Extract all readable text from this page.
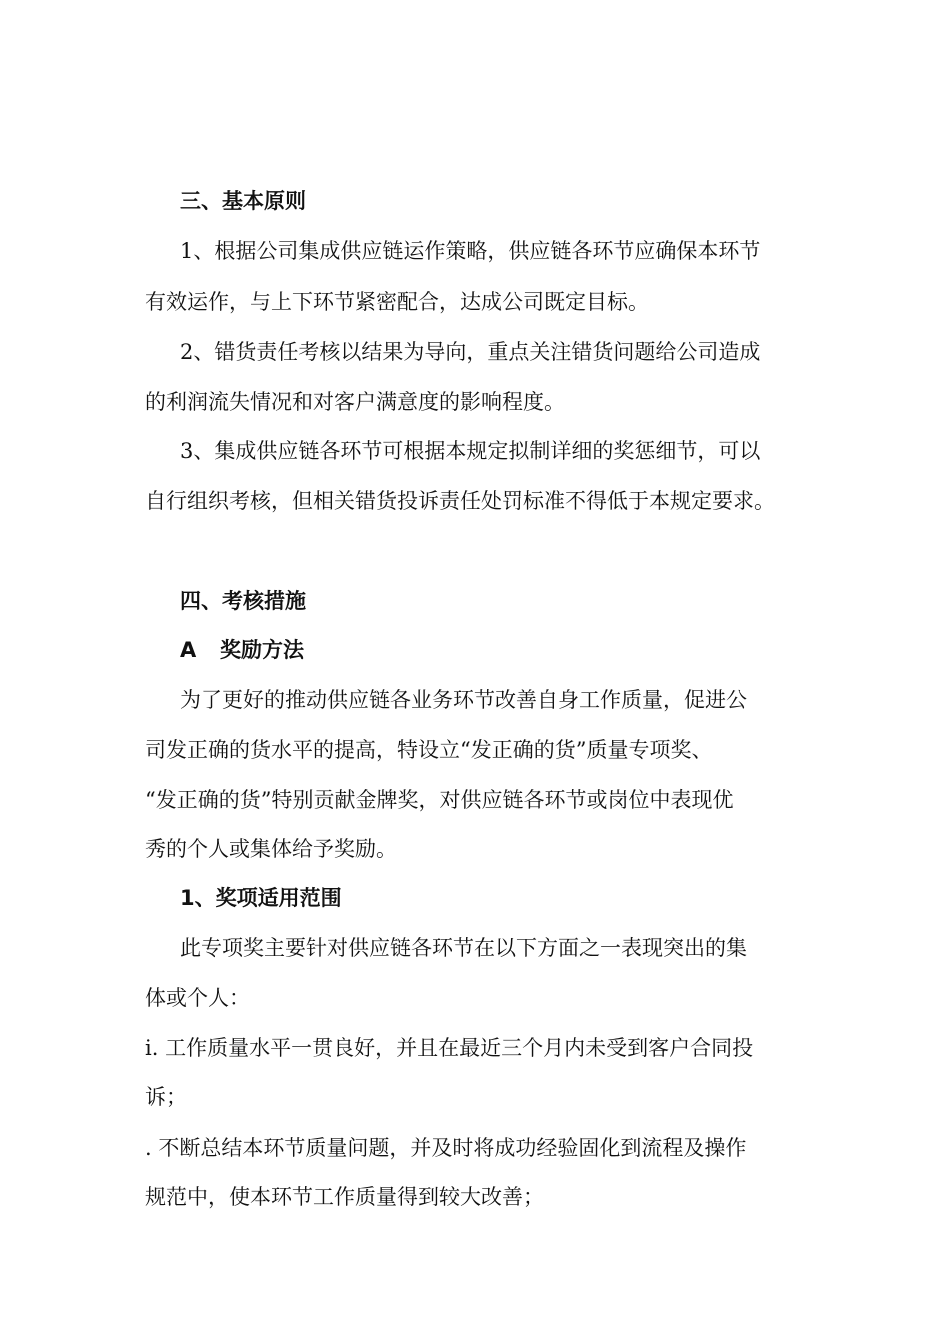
三、基本原则
1、根据公司集成供应链运作策略，供应链各环节应确保本环节
有效运作，与上下环节紧密配合，达成公司既定目标。
2、错货责任考核以结果为导向，重点关注错货问题给公司造成
的利润流失情况和对客户满意度的影响程度。
3、集成供应链各环节可根据本规定拟制详细的奖惩细节，可以
自行组织考核，但相关错货投诉责任处罚标准不得低于本规定要求。
四、考核措施
A 奖励方法
为了更好的推动供应链各业务环节改善自身工作质量，促进公
司发正确的货水平的提高，特设立“发正确的货”质量专项奖、
“发正确的货”特别贡献金牌奖，对供应链各环节或岗位中表现优
秀的个人或集体给予奖励。
1、奖项适用范围
此专项奖主要针对供应链各环节在以下方面之一表现突出的集
体或个人：
i. 工作质量水平一贯良好，并且在最近三个月内未受到客户合同投
诉；
. 不断总结本环节质量问题，并及时将成功经验固化到流程及操作
规范中，使本环节工作质量得到较大改善；
